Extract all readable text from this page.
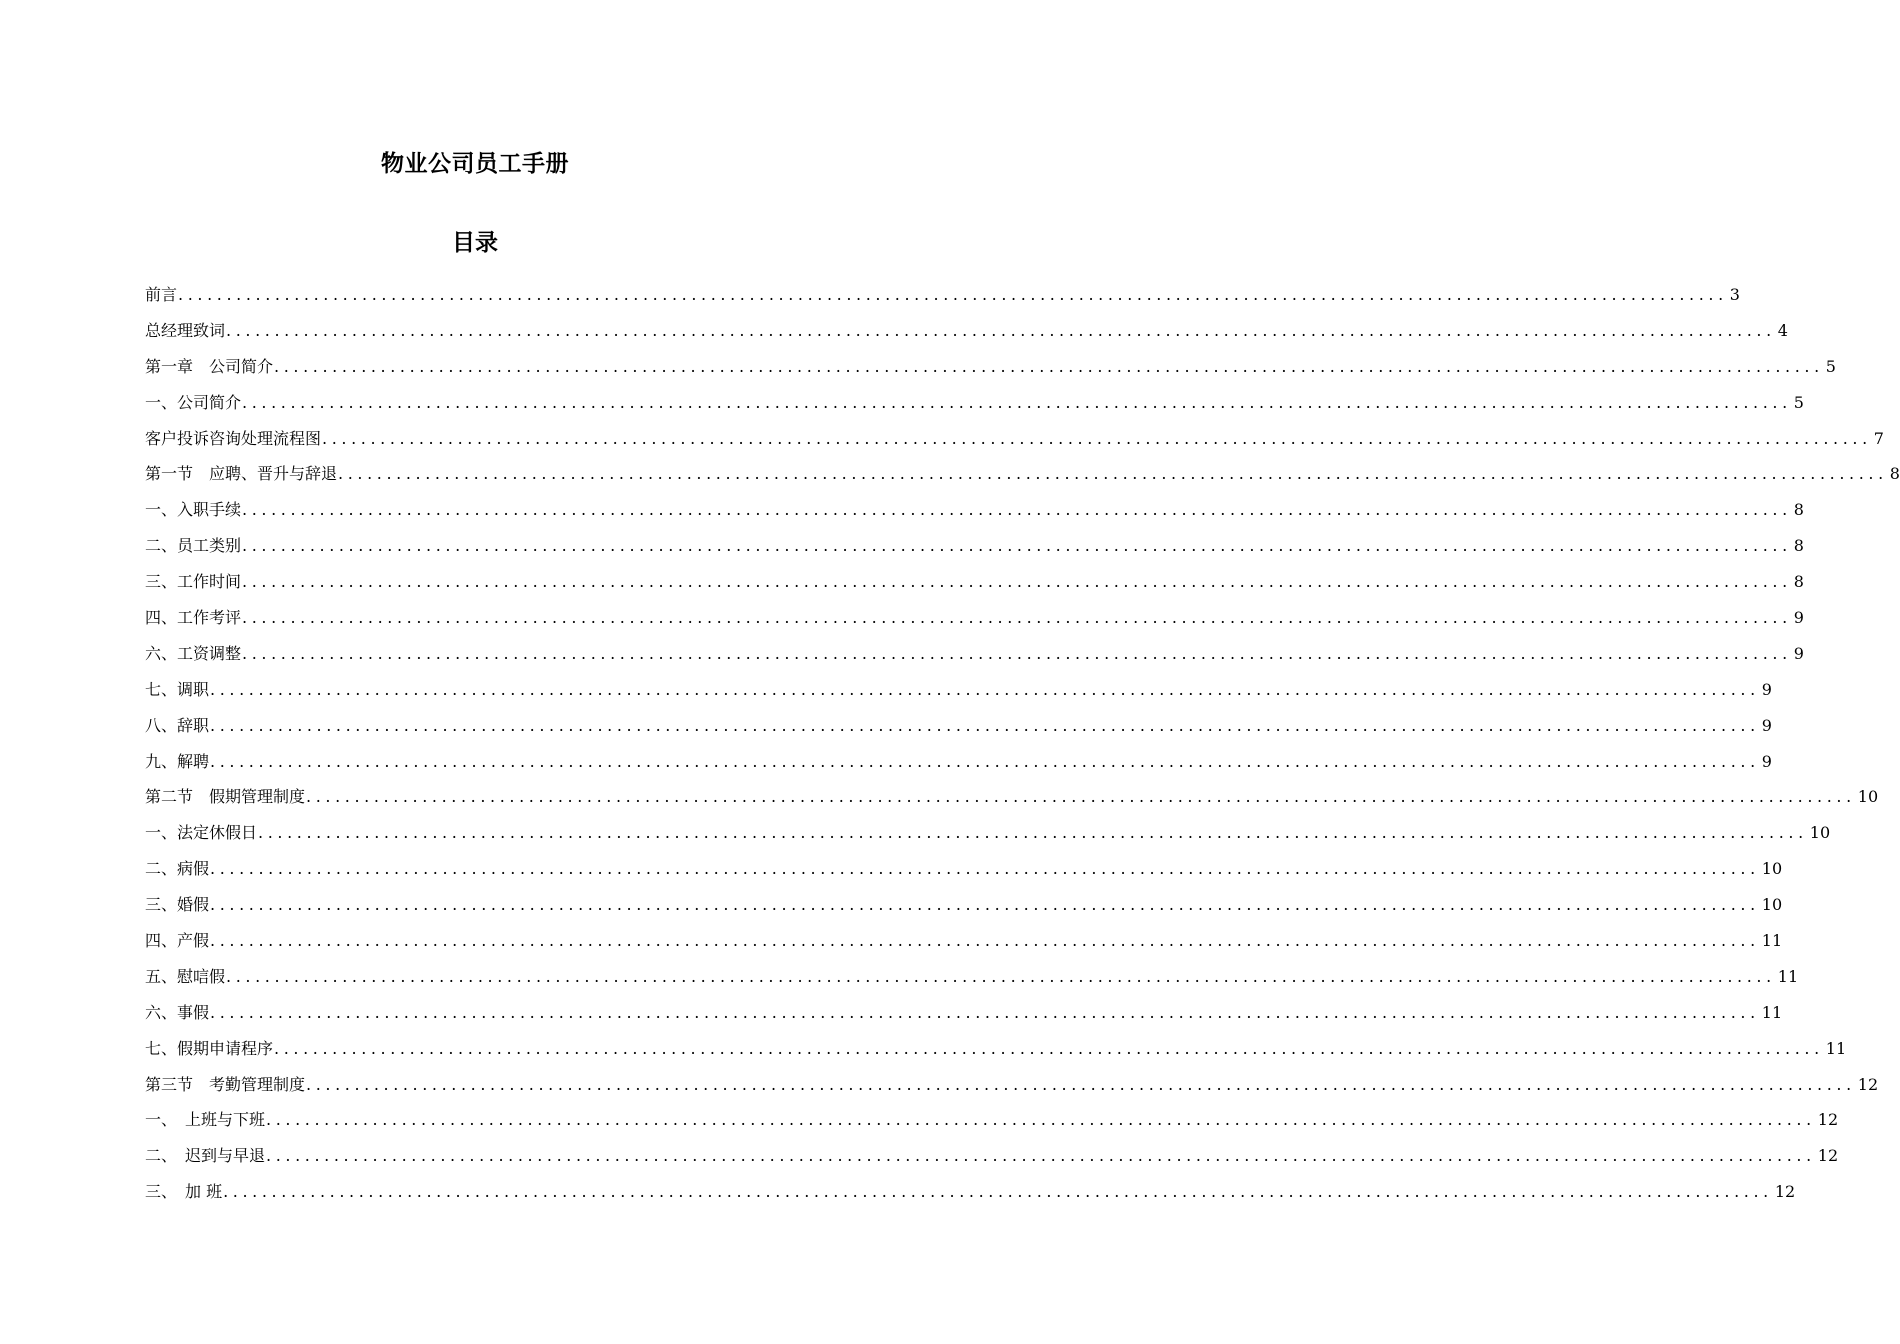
物业公司员工手册
目录
前言 ................................................................................................................................................................ 3
总经理致词 ................................................................................................................................................................ 4
第一章　公司简介 ................................................................................................................................................................ 5
一、公司简介 ................................................................................................................................................................ 5
客户投诉咨询处理流程图 ................................................................................................................................................................ 7
第一节　应聘、晋升与辞退 ................................................................................................................................................................ 8
一、入职手续 ................................................................................................................................................................ 8
二、员工类别 ................................................................................................................................................................ 8
三、工作时间 ................................................................................................................................................................ 8
四、工作考评 ................................................................................................................................................................ 9
六、工资调整 ................................................................................................................................................................ 9
七、调职 ................................................................................................................................................................ 9
八、辞职 ................................................................................................................................................................ 9
九、解聘 ................................................................................................................................................................ 9
第二节　假期管理制度 ................................................................................................................................................................ 10
一、法定休假日 ................................................................................................................................................................ 10
二、病假 ................................................................................................................................................................ 10
三、婚假 ................................................................................................................................................................ 10
四、产假 ................................................................................................................................................................ 11
五、慰唁假 ................................................................................................................................................................ 11
六、事假 ................................................................................................................................................................ 11
七、假期申请程序 ................................................................................................................................................................ 11
第三节　考勤管理制度 ................................................................................................................................................................ 12
一、　上班与下班 ................................................................................................................................................................ 12
二、　迟到与早退 ................................................................................................................................................................ 12
三、　加 班 ................................................................................................................................................................ 12
